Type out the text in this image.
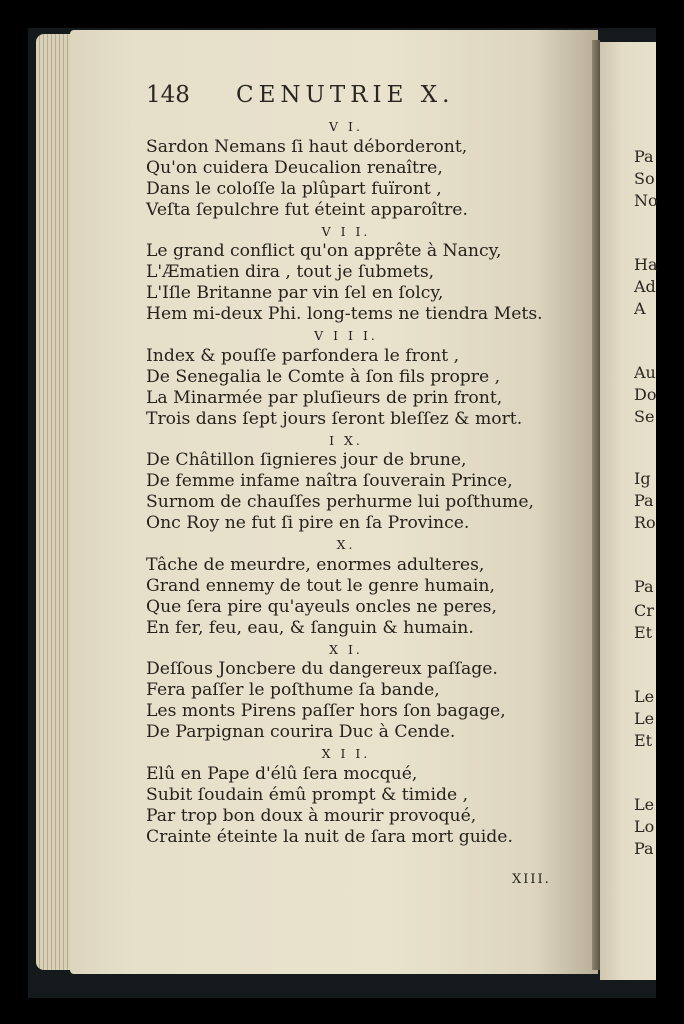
148 CENUTRIE X.
V I.
Sardon Nemans ſi haut déborderont,
Qu'on cuidera Deucalion renaître,
Dans le coloſſe la plûpart fuïront ,
Veſta ſepulchre fut éteint apparoître.
V I I.
Le grand conflict qu'on apprête à Nancy,
L'Æmatien dira , tout je ſubmets,
L'Iſle Britanne par vin ſel en ſolcy,
Hem mi-deux Phi. long-tems ne tiendra Mets.
V I I I.
Index & pouſſe parfondera le front ,
De Senegalia le Comte à ſon fils propre ,
La Minarmée par pluſieurs de prin front,
Trois dans ſept jours ſeront bleſſez & mort.
I X.
De Châtillon ſignieres jour de brune,
De femme infame naîtra ſouverain Prince,
Surnom de chauſſes perhurme lui poſthume,
Onc Roy ne fut ſi pire en ſa Province.
X.
Tâche de meurdre, enormes adulteres,
Grand ennemy de tout le genre humain,
Que ſera pire qu'ayeuls oncles ne peres,
En fer, feu, eau, & ſanguin & humain.
X I.
Deſſous Joncbere du dangereux paſſage.
Fera paſſer le poſthume ſa bande,
Les monts Pirens paſſer hors ſon bagage,
De Parpignan courira Duc à Cende.
X I I.
Elû en Pape d'élû ſera mocqué,
Subit ſoudain émû prompt & timide ,
Par trop bon doux à mourir provoqué,
Crainte éteinte la nuit de ſara mort guide.
XIII.
Pa
So
No
Ha
Ad
A
Au
Do
Se
Ig
Pa
Ro
Pa
Cr
Et
Le
Le
Et
Le
Lo
Pa
